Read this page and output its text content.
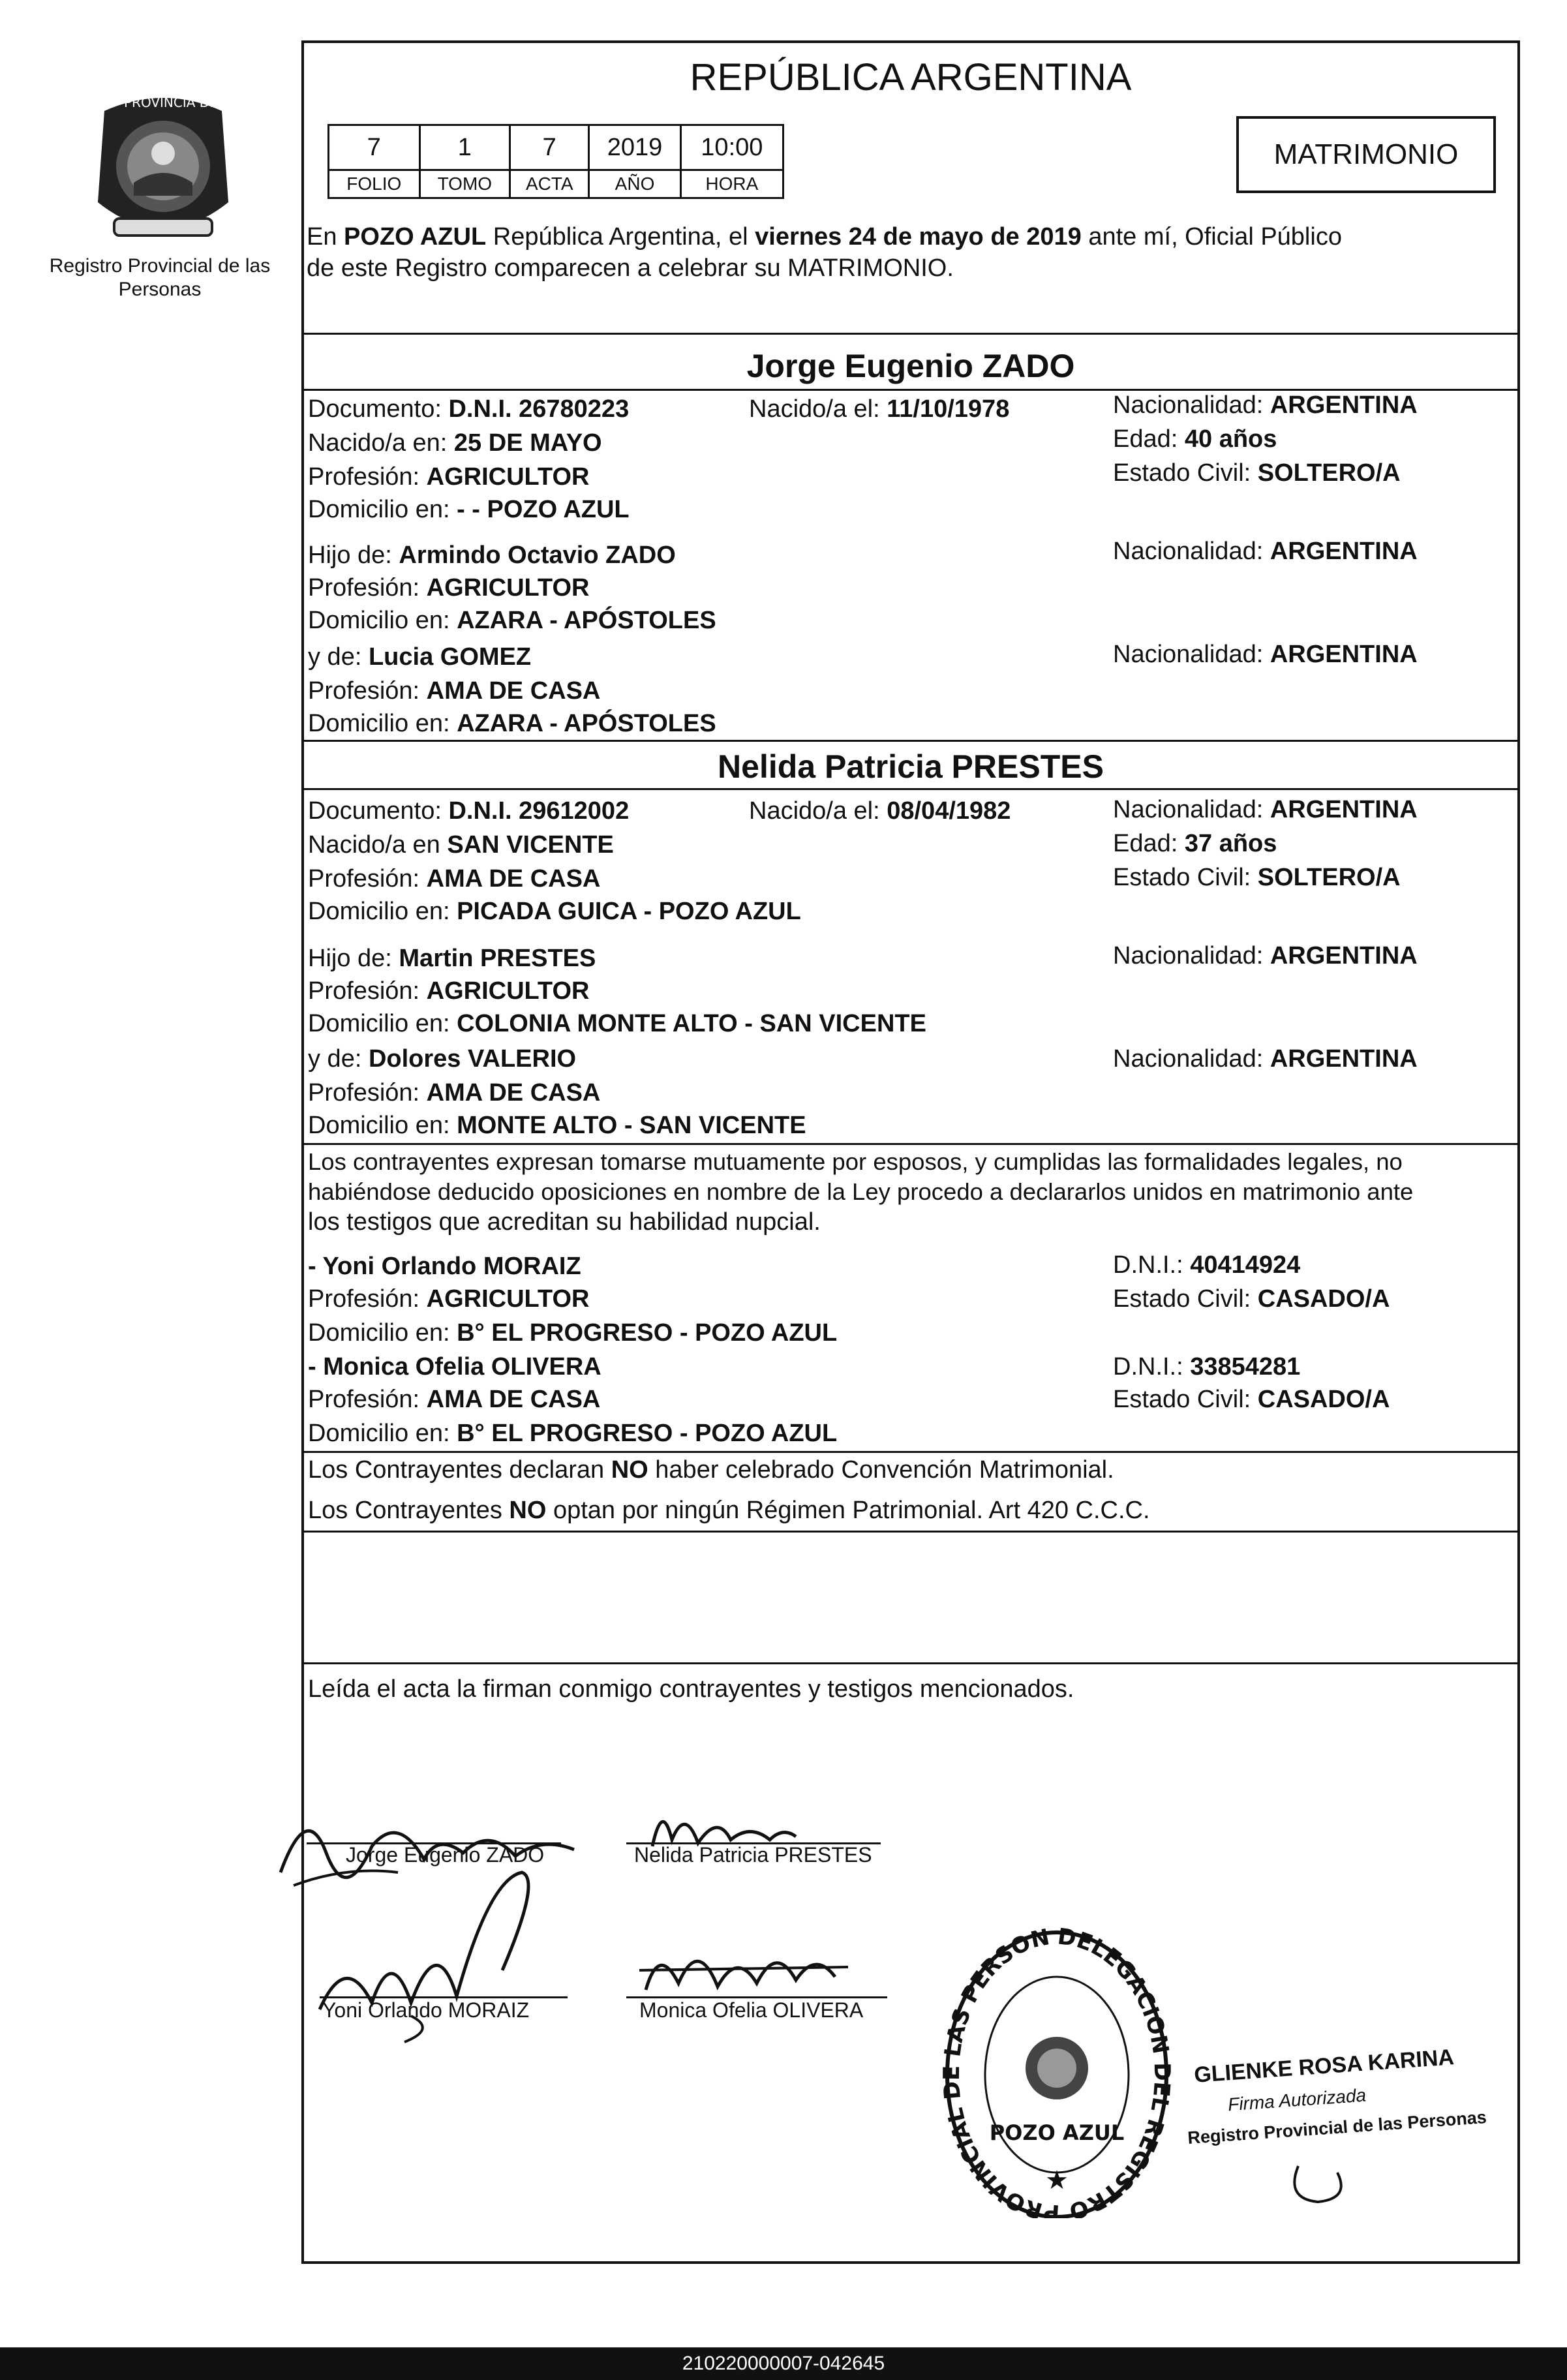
PROVINCIA DE MISIONES
Registro Provincial de las Personas
REPÚBLICA ARGENTINA
7	1	7	2019	10:00
FOLIO	TOMO	ACTA	AÑO	HORA
MATRIMONIO
En POZO AZUL República Argentina, el viernes 24 de mayo de 2019 ante mí, Oficial Público
de este Registro comparecen a celebrar su MATRIMONIO.
Jorge Eugenio ZADO
Documento: D.N.I. 26780223	Nacido/a el: 11/10/1978	Nacionalidad: ARGENTINA
Nacido/a en: 25 DE MAYO	Edad: 40 años
Profesión: AGRICULTOR	Estado Civil: SOLTERO/A
Domicilio en: - - POZO AZUL
Hijo de: Armindo Octavio ZADO	Nacionalidad: ARGENTINA
Profesión: AGRICULTOR
Domicilio en: AZARA - APÓSTOLES
y de: Lucia GOMEZ	Nacionalidad: ARGENTINA
Profesión: AMA DE CASA
Domicilio en: AZARA - APÓSTOLES
Nelida Patricia PRESTES
Documento: D.N.I. 29612002	Nacido/a el: 08/04/1982	Nacionalidad: ARGENTINA
Nacido/a en SAN VICENTE	Edad: 37 años
Profesión: AMA DE CASA	Estado Civil: SOLTERO/A
Domicilio en: PICADA GUICA - POZO AZUL
Hijo de: Martin PRESTES	Nacionalidad: ARGENTINA
Profesión: AGRICULTOR
Domicilio en: COLONIA MONTE ALTO - SAN VICENTE
y de: Dolores VALERIO	Nacionalidad: ARGENTINA
Profesión: AMA DE CASA
Domicilio en: MONTE ALTO - SAN VICENTE
Los contrayentes expresan tomarse mutuamente por esposos, y cumplidas las formalidades legales, no
habiéndose deducido oposiciones en nombre de la Ley procedo a declararlos unidos en matrimonio ante
los testigos que acreditan su habilidad nupcial.
- Yoni Orlando MORAIZ	D.N.I.: 40414924
Profesión: AGRICULTOR	Estado Civil: CASADO/A
Domicilio en: B° EL PROGRESO - POZO AZUL
- Monica Ofelia OLIVERA	D.N.I.: 33854281
Profesión: AMA DE CASA	Estado Civil: CASADO/A
Domicilio en: B° EL PROGRESO - POZO AZUL
Los Contrayentes declaran NO haber celebrado Convención Matrimonial.
Los Contrayentes NO optan por ningún Régimen Patrimonial. Art 420 C.C.C.
Leída el acta la firman conmigo contrayentes y testigos mencionados.
Jorge Eugenio ZADO	Nelida Patricia PRESTES
Yoni Orlando MORAIZ	Monica Ofelia OLIVERA
DELEGACION DEL REGISTRO PROVINCIAL DE LAS PERSON
POZO AZUL
★
GLIENKE ROSA KARINA
Firma Autorizada
Registro Provincial de las Personas
210220000007-042645
